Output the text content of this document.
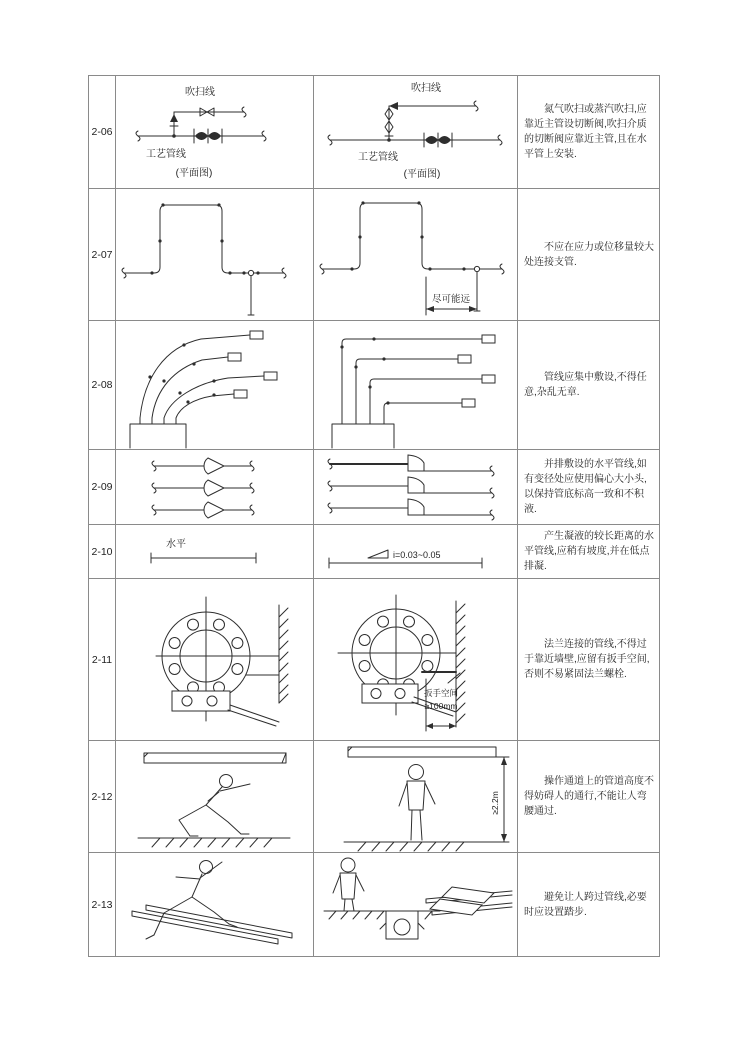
2-06
吹扫线
工艺管线
(平面图)
吹扫线
工艺管线
(平面图)

氮气吹扫或蒸汽吹扫,应靠近主管设切断阀,吹扫介质的切断阀应靠近主管,且在水平管上安装.

2-07
尽可能远

不应在应力或位移量较大处连接支管.

2-08

管线应集中敷设,不得任意,杂乱无章.

2-09

并排敷设的水平管线,如有变径处应使用偏心大小头,以保持管底标高一致和不积液.

2-10
水平
i=0.03~0.05

产生凝液的较长距离的水平管线,应稍有坡度,并在低点排凝.

2-11
扳手空间
≥100mm

法兰连接的管线,不得过于靠近墙壁,应留有扳手空间,否则不易紧固法兰螺栓.

2-12	≥2.2m

操作通道上的管道高度不得妨碍人的通行,不能让人弯腰通过.

2-13

避免让人跨过管线,必要时应设置踏步.
